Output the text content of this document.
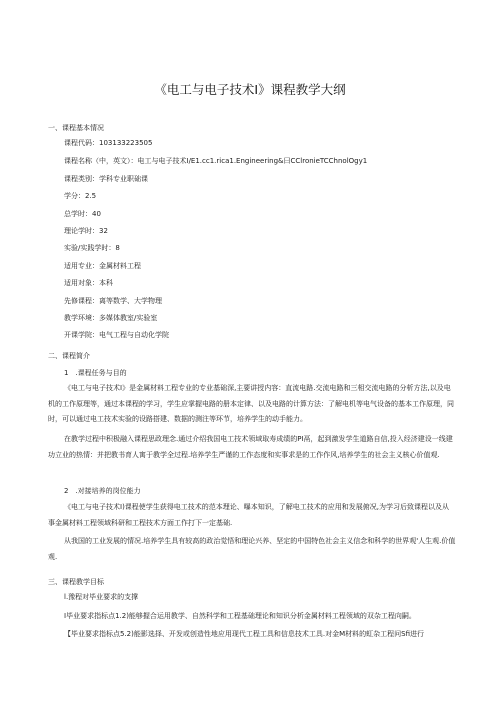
《电工与电子技术I》课程教学大纲
一、课程基本情况
课程代码：103133223505
课程名称（中，英文）：电工与电子技术I/E1.cc1.rica1.Engineering&曰CClronieTCChnolOgy1
课程类别：学科专业职础课
学分：2.5
总学时：40
理论学时：32
实验/实践学时：8
适用专业：金属材料工程
适用对象：本科
先修课程：离等数学、大学物理
教学环境：多媒体教室/实验室
开课学院：电气工程与自动化学院
二、课程简介
1　.课程任务与目的
《电工与电子技术I》是金属材料工程专业的专业基础深,主要讲授内容：直流电路.交流电路和三相交流电路的分析方法,以及电机的工作原理等，通过本课程的学习，学生应掌握电路的册本定律、以及电路的计算方法：了解电机等电气设备的基本工作原理，同时，可以通过电工技术实验的设路搭建、数据的测注等环节，培养学生的动手能力。
在教学过程中积极融入课程思政理念.通过介绍我国电工技术领域取寿成绩的PI鬲，起到激发学生道路自信,投入经济建设一线建功立业的热情：并把教书育人寓于教学全过程.培养学生严谨的工作态度和实事求是的工作作风,培养学生的社会主义核心价值观.
2　.对接培养的岗位能力
《电工与电子技术I)课程使学生获得电工技术的范本理论、曝本知识，了解电工技术的应用和发展俯况,为学习后致课程以及从事金属材料工程领域科研和工程技术方面工作打下一定基础.
从我国的工业发展的情况.培养学生具有较高的政治觉悟和理论兴养、坚定的中国特色社会主义信念和科学的世界观'人生观.价值观.
三、课程教学目标
l.豫程对毕业要求的支撑
I毕业要求指标点1.2)能够握合运用教学、自然科学和工程基础理论和知识分析金属材料工程领域的双杂工程向嗣。
【毕业要求指标点5.2)能影选择、开发或创造性地应用现代工程工具和信息技术工具.对金M材料的虹杂工程问Sfi进行
